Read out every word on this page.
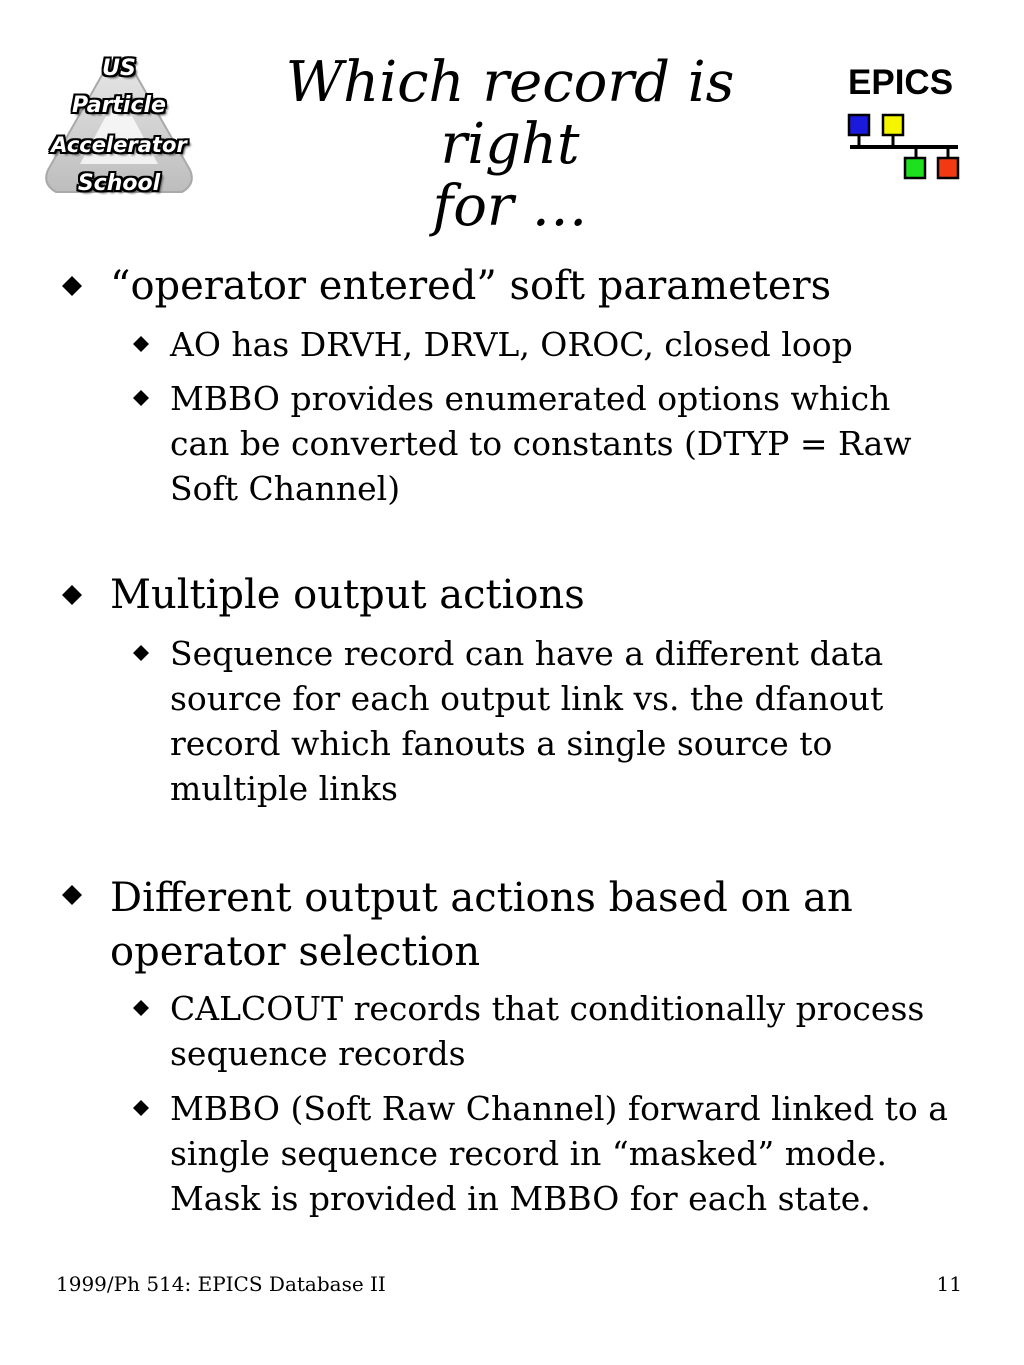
US
Particle
Accelerator
School
Which record is right
for …
EPICS
“operator entered” soft parameters
AO has DRVH, DRVL, OROC, closed loop
MBBO provides enumerated options which
can be converted to constants (DTYP = Raw
Soft Channel)
Multiple output actions
Sequence record can have a different data
source for each output link vs. the dfanout
record which fanouts a single source to
multiple links
Different output actions based on an
operator selection
CALCOUT records that conditionally process
sequence records
MBBO (Soft Raw Channel) forward linked to a
single sequence record in “masked” mode.
Mask is provided in MBBO for each state.
1999/Ph 514: EPICS Database II	11
